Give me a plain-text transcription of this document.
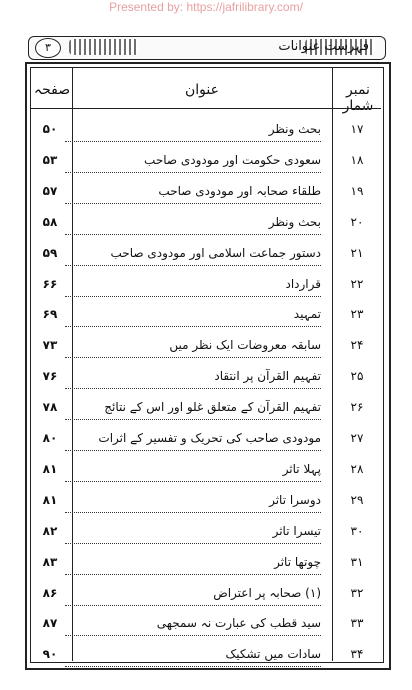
Presented by: https://jafrilibrary.com/
٣	فہرست عنوانات
نمبر شمار
عنوان
صفحہ
۱۷
بحث ونظر
۵۰
۱۸
سعودی حکومت اور مودودی صاحب
۵۳
۱۹
طلقاء صحابہ اور مودودی صاحب
۵۷
۲۰
بحث ونظر
۵۸
۲۱
دستور جماعت اسلامی اور مودودی صاحب
۵۹
۲۲
قرارداد
۶۶
۲۳
تمہید
۶۹
۲۴
سابقہ معروضات ایک نظر میں
۷۳
۲۵
تفہیم القرآن پر انتقاد
۷۶
۲۶
تفہیم القرآن کے متعلق غلو اور اس کے نتائج
۷۸
۲۷
مودودی صاحب کی تحریک و تفسیر کے اثرات
۸۰
۲۸
پہلا تاثر
۸۱
۲۹
دوسرا تاثر
۸۱
۳۰
تیسرا تاثر
۸۲
۳۱
چوتھا تاثر
۸۳
۳۲
(۱) صحابہ پر اعتراض
۸۶
۳۳
سید قطب کی عبارت نہ سمجھی
۸۷
۳۴
سادات میں تشکیک
۹۰
